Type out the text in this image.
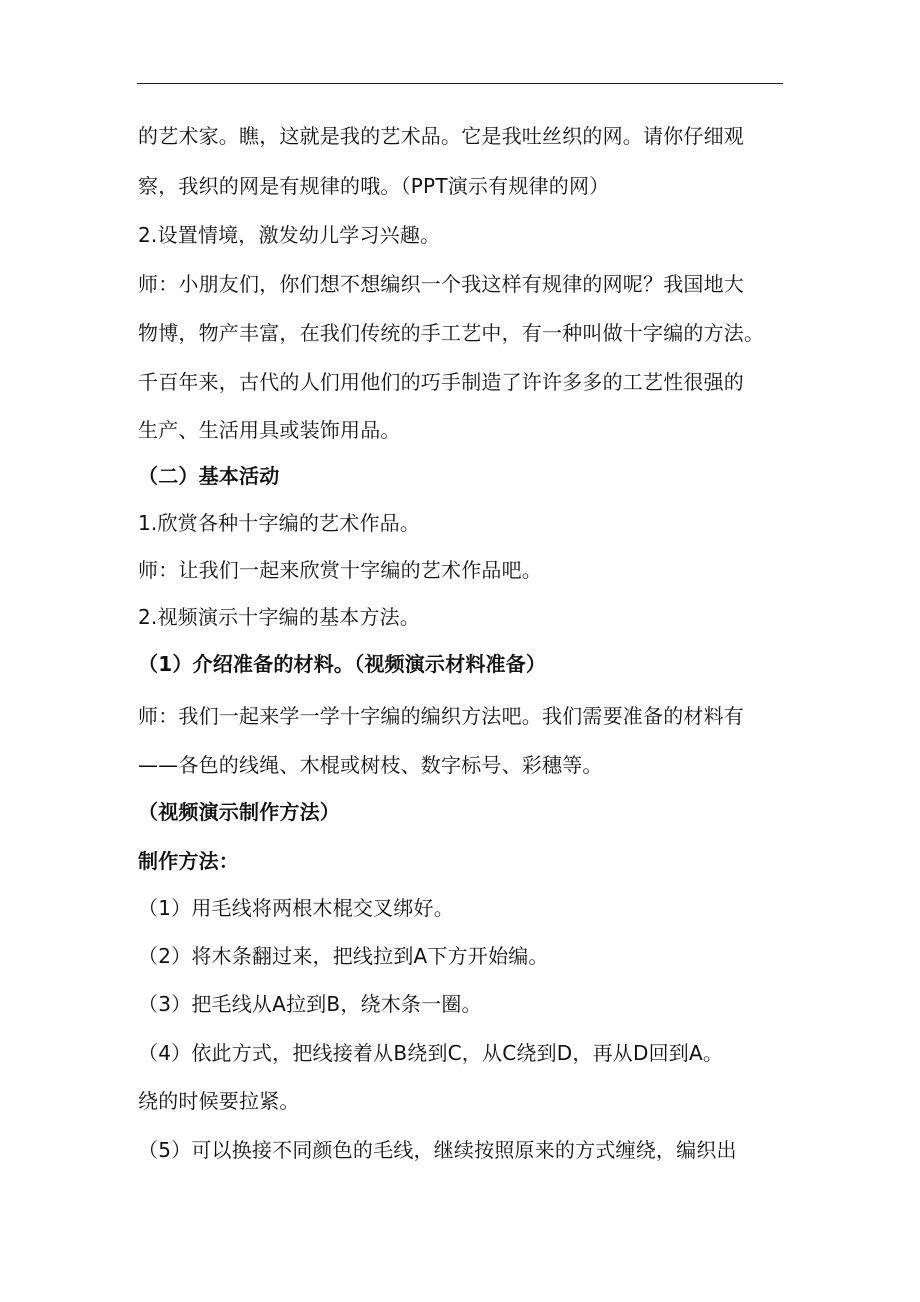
的艺术家。瞧，这就是我的艺术品。它是我吐丝织的网。请你仔细观
察，我织的网是有规律的哦。（PPT演示有规律的网）
2.设置情境，激发幼儿学习兴趣。
师：小朋友们，你们想不想编织一个我这样有规律的网呢？我国地大
物博，物产丰富，在我们传统的手工艺中，有一种叫做十字编的方法。
千百年来，古代的人们用他们的巧手制造了许许多多的工艺性很强的
生产、生活用具或装饰用品。
（二）基本活动
1.欣赏各种十字编的艺术作品。
师：让我们一起来欣赏十字编的艺术作品吧。
2.视频演示十字编的基本方法。
（1）介绍准备的材料。（视频演示材料准备）
师：我们一起来学一学十字编的编织方法吧。我们需要准备的材料有
——各色的线绳、木棍或树枝、数字标号、彩穗等。
（视频演示制作方法）
制作方法：
（1）用毛线将两根木棍交叉绑好。
（2）将木条翻过来，把线拉到A下方开始编。
（3）把毛线从A拉到B，绕木条一圈。
（4）依此方式，把线接着从B绕到C，从C绕到D，再从D回到A。
绕的时候要拉紧。
（5）可以换接不同颜色的毛线，继续按照原来的方式缠绕，编织出
